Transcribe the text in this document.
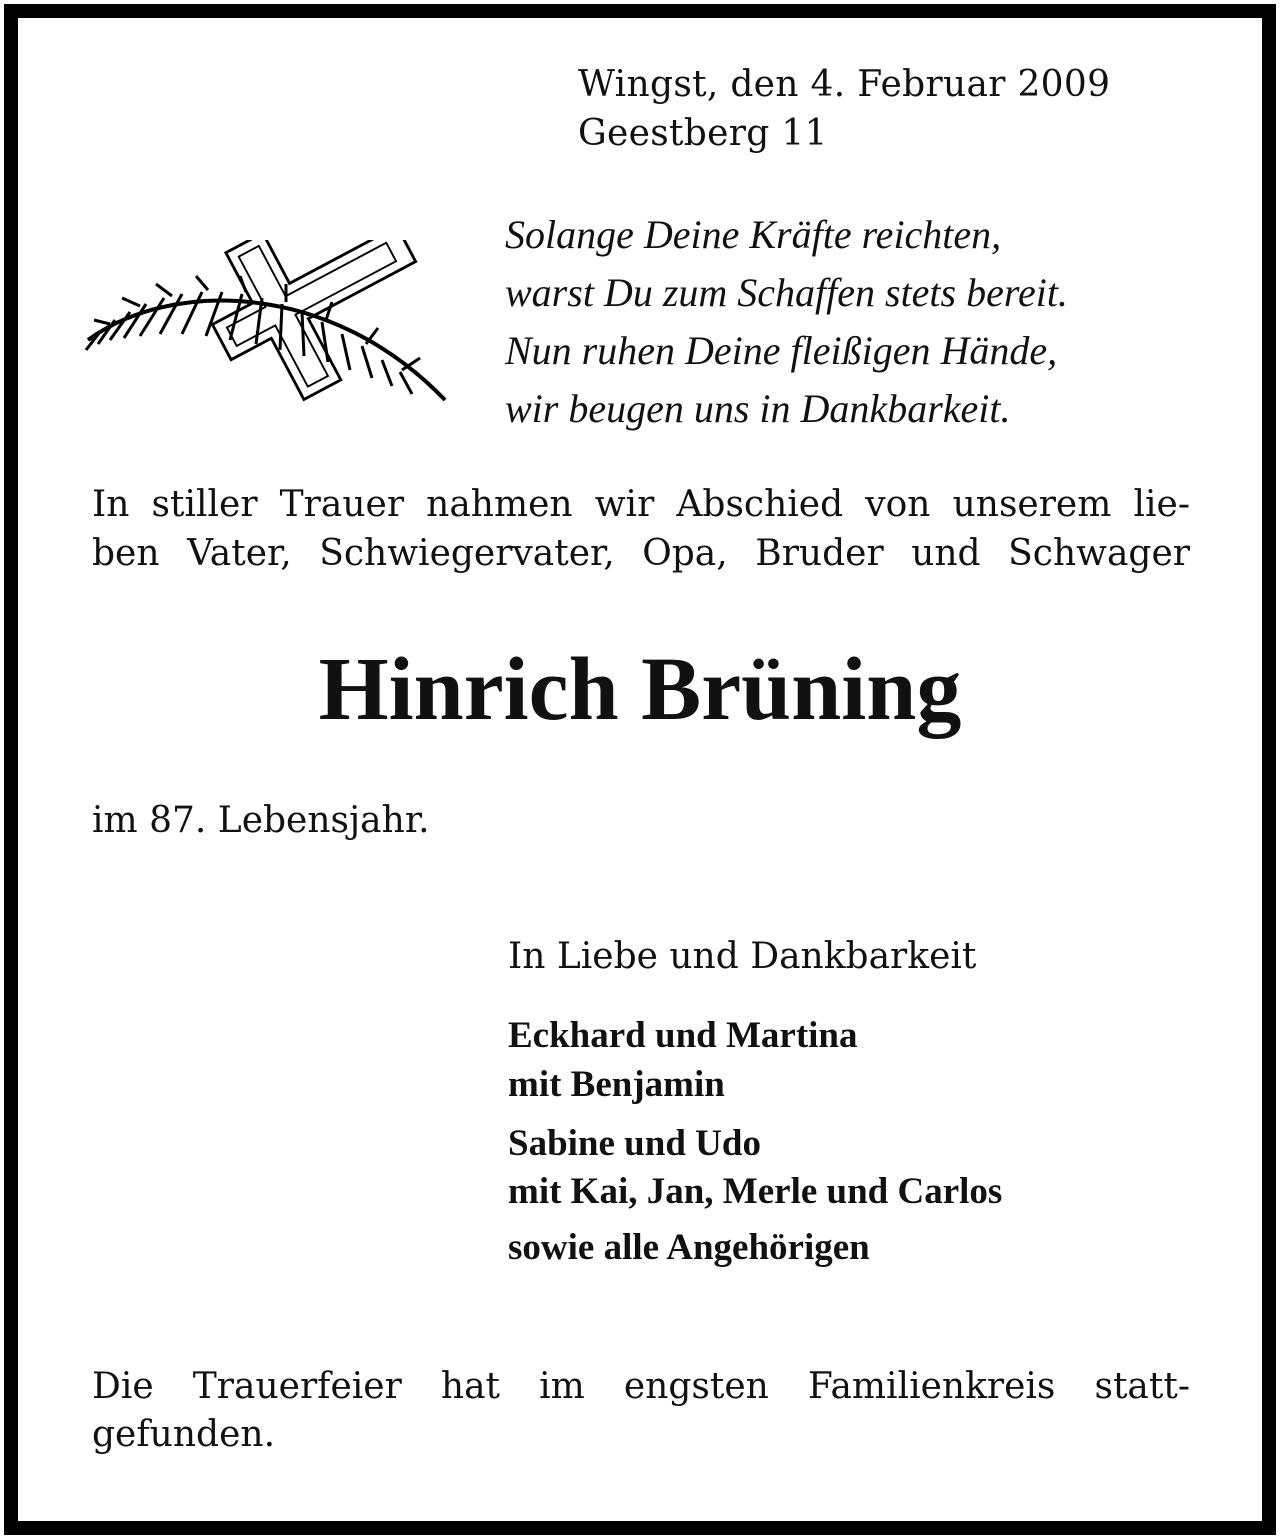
Wingst, den 4. Februar 2009

Geestberg 11

Solange Deine Kräfte reichten,

warst Du zum Schaffen stets bereit.

Nun ruhen Deine fleißigen Hände,

wir beugen uns in Dankbarkeit.

In stiller Trauer nahmen wir Abschied von unserem lie-

ben Vater, Schwiegervater, Opa, Bruder und Schwager

Hinrich Brüning

im 87. Lebensjahr.

In Liebe und Dankbarkeit

Eckhard und Martina

mit Benjamin

Sabine und Udo

mit Kai, Jan, Merle und Carlos

sowie alle Angehörigen

Die Trauerfeier hat im engsten Familienkreis statt-

gefunden.
